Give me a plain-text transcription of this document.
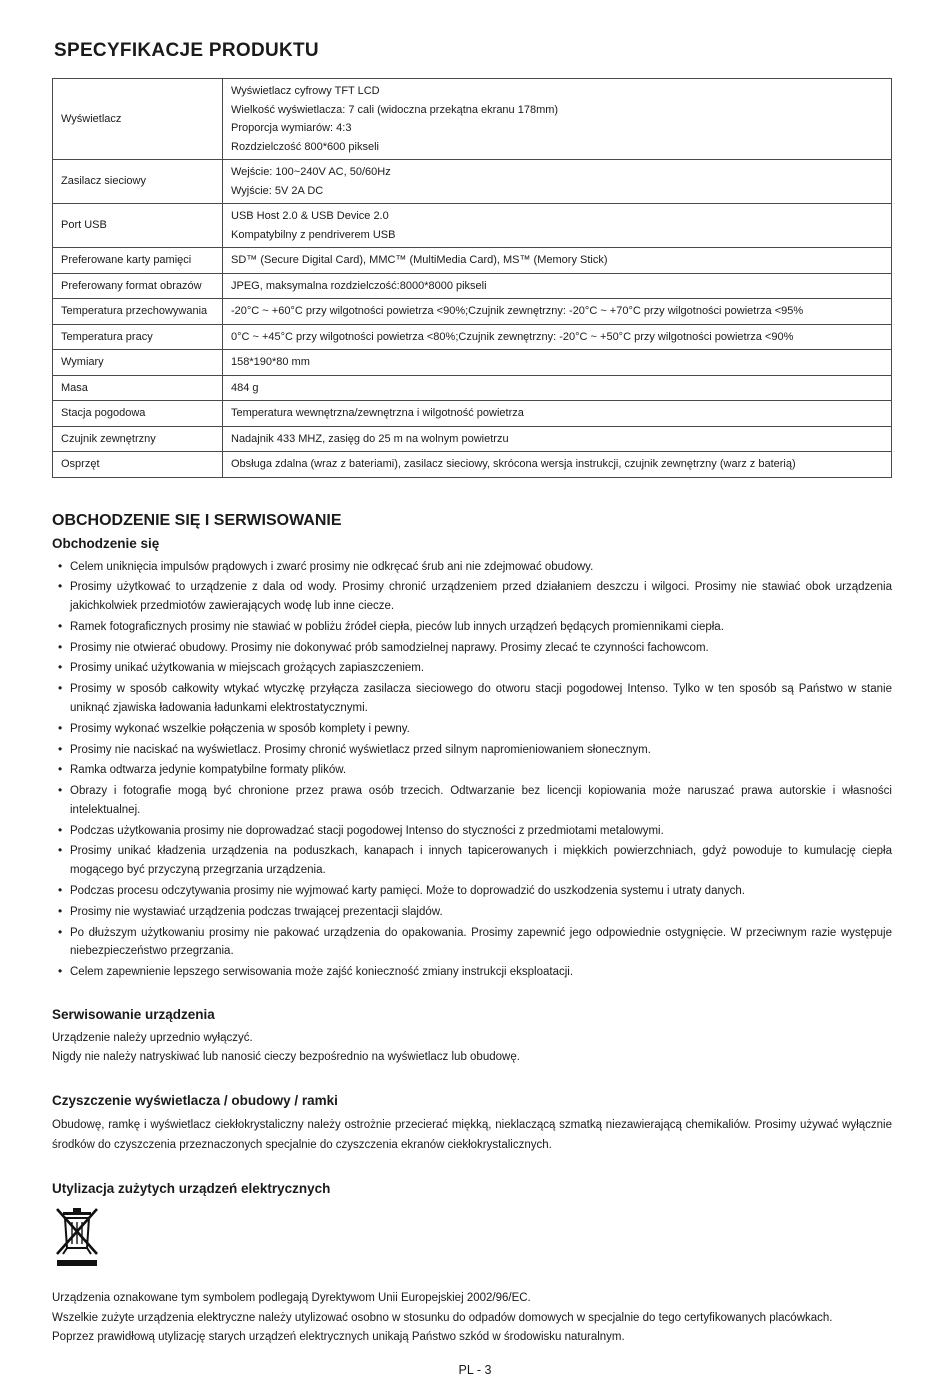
SPECYFIKACJE PRODUKTU
Wyświetlacz	Wyświetlacz cyfrowy TFT LCD
Wielkość wyświetlacza: 7 cali (widoczna przekątna ekranu 178mm)
Proporcja wymiarów: 4:3
Rozdzielczość 800*600 pikseli

Zasilacz sieciowy	Wejście: 100~240V AC, 50/60Hz
Wyjście: 5V 2A DC

Port USB	USB Host 2.0 & USB Device 2.0
Kompatybilny z pendriverem USB

Preferowane karty pamięci	SD™ (Secure Digital Card), MMC™ (MultiMedia Card), MS™ (Memory Stick)

Preferowany format obrazów	JPEG, maksymalna rozdzielczość:8000*8000 pikseli

Temperatura przechowywania	-20°C ~ +60°C przy wilgotności powietrza <90%;Czujnik zewnętrzny: -20°C ~ +70°C przy wilgotności powietrza <95%

Temperatura pracy	0°C ~ +45°C przy wilgotności powietrza <80%;Czujnik zewnętrzny: -20°C ~ +50°C przy wilgotności powietrza <90%

Wymiary	158*190*80 mm

Masa	484 g

Stacja pogodowa	Temperatura wewnętrzna/zewnętrzna i wilgotność powietrza

Czujnik zewnętrzny	Nadajnik 433 MHZ, zasięg do 25 m na wolnym powietrzu

Osprzęt	Obsługa zdalna (wraz z bateriami), zasilacz sieciowy, skrócona wersja instrukcji, czujnik zewnętrzny (warz z baterią)
OBCHODZENIE SIĘ I SERWISOWANIE
Obchodzenie się
• Celem uniknięcia impulsów prądowych i zwarć prosimy nie odkręcać śrub ani nie zdejmować obudowy.
• Prosimy użytkować to urządzenie z dala od wody. Prosimy chronić urządzeniem przed działaniem deszczu i wilgoci. Prosimy nie stawiać obok urządzenia jakichkolwiek przedmiotów zawierających wodę lub inne ciecze.
• Ramek fotograficznych prosimy nie stawiać w pobliżu źródeł ciepła, pieców lub innych urządzeń będących promiennikami ciepła.
• Prosimy nie otwierać obudowy. Prosimy nie dokonywać prób samodzielnej naprawy. Prosimy zlecać te czynności fachowcom.
• Prosimy unikać użytkowania w miejscach grożących zapiaszczeniem.
• Prosimy w sposób całkowity wtykać wtyczkę przyłącza zasilacza sieciowego do otworu stacji pogodowej Intenso. Tylko w ten sposób są Państwo w stanie uniknąć zjawiska ładowania ładunkami elektrostatycznymi.
• Prosimy wykonać wszelkie połączenia w sposób komplety i pewny.
• Prosimy nie naciskać na wyświetlacz. Prosimy chronić wyświetlacz przed silnym napromieniowaniem słonecznym.
• Ramka odtwarza jedynie kompatybilne formaty plików.
• Obrazy i fotografie mogą być chronione przez prawa osób trzecich. Odtwarzanie bez licencji kopiowania może naruszać prawa autorskie i własności intelektualnej.
• Podczas użytkowania prosimy nie doprowadzać stacji pogodowej Intenso do styczności z przedmiotami metalowymi.
• Prosimy unikać kładzenia urządzenia na poduszkach, kanapach i innych tapicerowanych i miękkich powierzchniach, gdyż powoduje to kumulację ciepła mogącego być przyczyną przegrzania urządzenia.
• Podczas procesu odczytywania prosimy nie wyjmować karty pamięci. Może to doprowadzić do uszkodzenia systemu i utraty danych.
• Prosimy nie wystawiać urządzenia podczas trwającej prezentacji slajdów.
• Po dłuższym użytkowaniu prosimy nie pakować urządzenia do opakowania. Prosimy zapewnić jego odpowiednie ostygnięcie. W przeciwnym razie występuje niebezpieczeństwo przegrzania.
• Celem zapewnienie lepszego serwisowania może zajść konieczność zmiany instrukcji eksploatacji.
Serwisowanie urządzenia

Urządzenie należy uprzednio wyłączyć.

Nigdy nie należy natryskiwać lub nanosić cieczy bezpośrednio na wyświetlacz lub obudowę.

Czyszczenie wyświetlacza / obudowy / ramki

Obudowę, ramkę i wyświetlacz ciekłokrystaliczny należy ostrożnie przecierać miękką, nieklaczącą szmatką niezawierającą chemikaliów. Prosimy używać wyłącznie środków do czyszczenia przeznaczonych specjalnie do czyszczenia ekranów ciekłokrystalicznych.

Utylizacja zużytych urządzeń elektrycznych

Urządzenia oznakowane tym symbolem podlegają Dyrektywom Unii Europejskiej 2002/96/EC.

Wszelkie zużyte urządzenia elektryczne należy utylizować osobno w stosunku do odpadów domowych w specjalnie do tego certyfikowanych placówkach.

Poprzez prawidłową utylizację starych urządzeń elektrycznych unikają Państwo szkód w środowisku naturalnym.

PL - 3
